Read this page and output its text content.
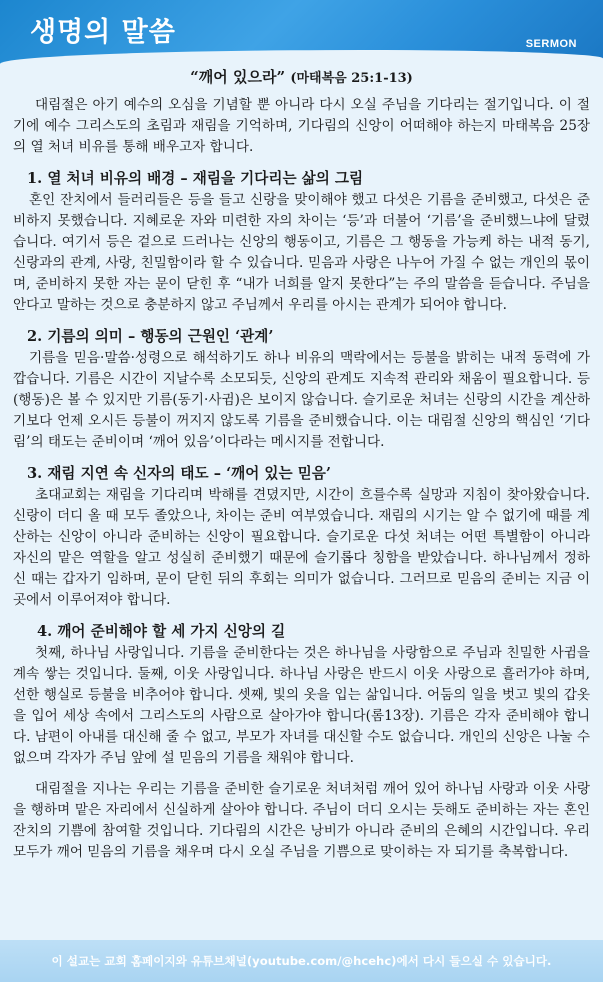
생명의 말씀	SERMON
“깨어 있으라” (마태복음 25:1-13)

대림절은 아기 예수의 오심을 기념할 뿐 아니라 다시 오실 주님을 기다리는 절기입니다. 이 절기에 예수 그리스도의 초림과 재림을 기억하며, 기다림의 신앙이 어떠해야 하는지 마태복음 25장의 열 처녀 비유를 통해 배우고자 합니다.

1. 열 처녀 비유의 배경 – 재림을 기다리는 삶의 그림

혼인 잔치에서 들러리들은 등을 들고 신랑을 맞이해야 했고 다섯은 기름을 준비했고, 다섯은 준비하지 못했습니다. 지혜로운 자와 미련한 자의 차이는 ‘등’과 더불어 ‘기름’을 준비했느냐에 달렸습니다. 여기서 등은 겉으로 드러나는 신앙의 행동이고, 기름은 그 행동을 가능케 하는 내적 동기, 신랑과의 관계, 사랑, 친밀함이라 할 수 있습니다. 믿음과 사랑은 나누어 가질 수 없는 개인의 몫이며, 준비하지 못한 자는 문이 닫힌 후 “내가 너희를 알지 못한다”는 주의 말씀을 듣습니다. 주님을 안다고 말하는 것으로 충분하지 않고 주님께서 우리를 아시는 관계가 되어야 합니다.

2. 기름의 의미 – 행동의 근원인 ‘관계’

기름을 믿음·말씀·성령으로 해석하기도 하나 비유의 맥락에서는 등불을 밝히는 내적 동력에 가깝습니다. 기름은 시간이 지날수록 소모되듯, 신앙의 관계도 지속적 관리와 채움이 필요합니다. 등(행동)은 볼 수 있지만 기름(동기·사귐)은 보이지 않습니다. 슬기로운 처녀는 신랑의 시간을 계산하기보다 언제 오시든 등불이 꺼지지 않도록 기름을 준비했습니다. 이는 대림절 신앙의 핵심인 ‘기다림’의 태도는 준비이며 ‘깨어 있음’이다라는 메시지를 전합니다.

3. 재림 지연 속 신자의 태도 – ‘깨어 있는 믿음’

초대교회는 재림을 기다리며 박해를 견뎠지만, 시간이 흐를수록 실망과 지침이 찾아왔습니다. 신랑이 더디 올 때 모두 졸았으나, 차이는 준비 여부였습니다. 재림의 시기는 알 수 없기에 때를 계산하는 신앙이 아니라 준비하는 신앙이 필요합니다. 슬기로운 다섯 처녀는 어떤 특별함이 아니라 자신의 맡은 역할을 알고 성실히 준비했기 때문에 슬기롭다 칭함을 받았습니다. 하나님께서 정하신 때는 갑자기 임하며, 문이 닫힌 뒤의 후회는 의미가 없습니다. 그러므로 믿음의 준비는 지금 이곳에서 이루어져야 합니다.

4. 깨어 준비해야 할 세 가지 신앙의 길

첫째, 하나님 사랑입니다. 기름을 준비한다는 것은 하나님을 사랑함으로 주님과 친밀한 사귐을 계속 쌓는 것입니다. 둘째, 이웃 사랑입니다. 하나님 사랑은 반드시 이웃 사랑으로 흘러가야 하며, 선한 행실로 등불을 비추어야 합니다. 셋째, 빛의 옷을 입는 삶입니다. 어둠의 일을 벗고 빛의 갑옷을 입어 세상 속에서 그리스도의 사람으로 살아가야 합니다(롬13장). 기름은 각자 준비해야 합니다. 남편이 아내를 대신해 줄 수 없고, 부모가 자녀를 대신할 수도 없습니다. 개인의 신앙은 나눌 수 없으며 각자가 주님 앞에 설 믿음의 기름을 채워야 합니다.

대림절을 지나는 우리는 기름을 준비한 슬기로운 처녀처럼 깨어 있어 하나님 사랑과 이웃 사랑을 행하며 맡은 자리에서 신실하게 살아야 합니다. 주님이 더디 오시는 듯해도 준비하는 자는 혼인잔치의 기쁨에 참여할 것입니다. 기다림의 시간은 낭비가 아니라 준비의 은혜의 시간입니다. 우리 모두가 깨어 믿음의 기름을 채우며 다시 오실 주님을 기쁨으로 맞이하는 자 되기를 축복합니다.

이 설교는 교회 홈페이지와 유튜브채널(youtube.com/@hcehc)에서 다시 들으실 수 있습니다.
